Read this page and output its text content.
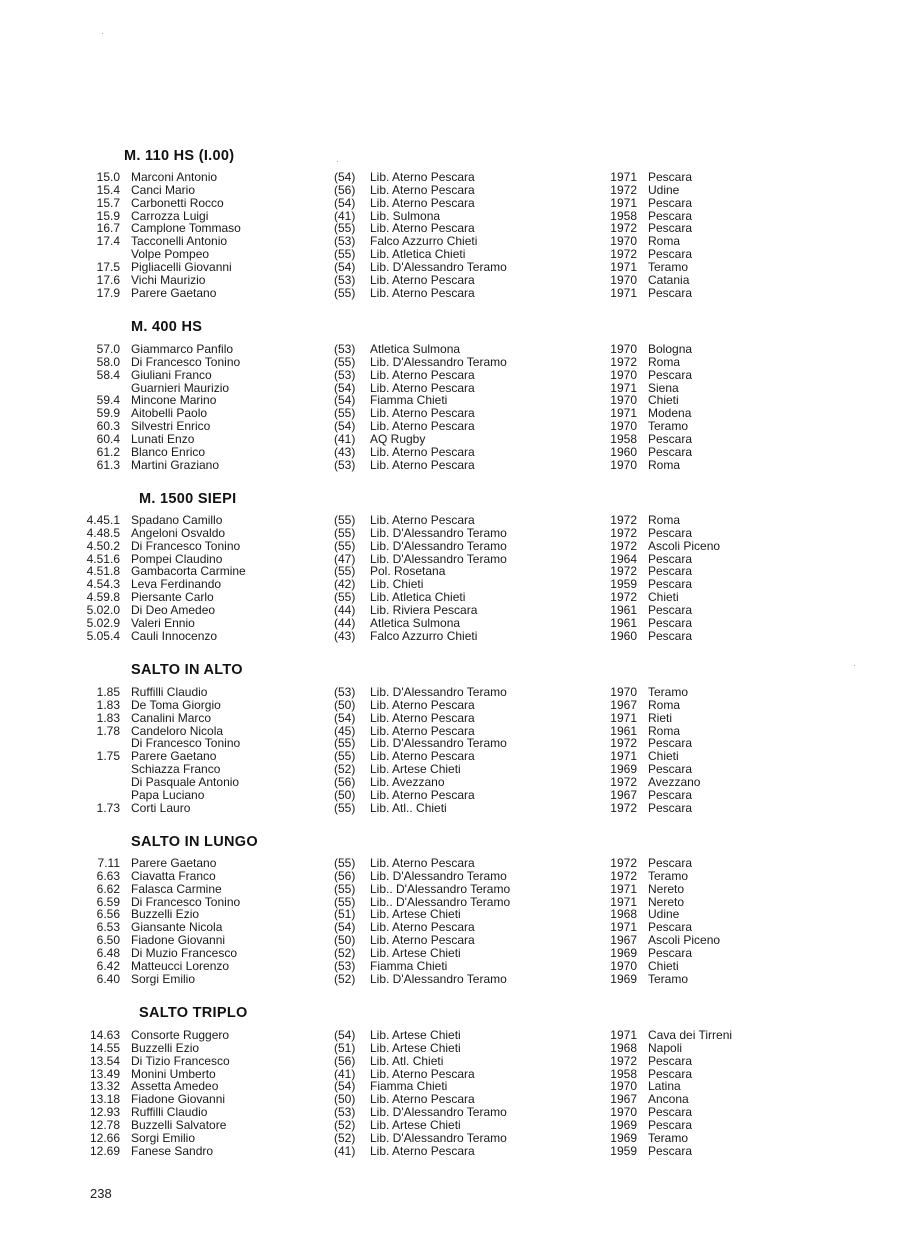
M. 110 HS (I.00)
15.0 Marconi Antonio	(54) Lib. Aterno Pescara	1971 Pescara
15.4 Canci Mario	(56) Lib. Aterno Pescara	1972 Udine
15.7 Carbonetti Rocco	(54) Lib. Aterno Pescara	1971 Pescara
15.9 Carrozza Luigi	(41) Lib. Sulmona	1958 Pescara
16.7 Camplone Tommaso	(55) Lib. Aterno Pescara	1972 Pescara
17.4 Tacconelli Antonio	(53) Falco Azzurro Chieti	1970 Roma
Volpe Pompeo	(55) Lib. Atletica Chieti	1972 Pescara
17.5 Pigliacelli Giovanni	(54) Lib. D'Alessandro Teramo	1971 Teramo
17.6 Vichi Maurizio	(53) Lib. Aterno Pescara	1970 Catania
17.9 Parere Gaetano	(55) Lib. Aterno Pescara	1971 Pescara
M. 400 HS
57.0 Giammarco Panfilo	(53) Atletica Sulmona	1970 Bologna
58.0 Di Francesco Tonino	(55) Lib. D'Alessandro Teramo	1972 Roma
58.4 Giuliani Franco	(53) Lib. Aterno Pescara	1970 Pescara
Guarnieri Maurizio	(54) Lib. Aterno Pescara	1971 Siena
59.4 Mincone Marino	(54) Fiamma Chieti	1970 Chieti
59.9 Aitobelli Paolo	(55) Lib. Aterno Pescara	1971 Modena
60.3 Silvestri Enrico	(54) Lib. Aterno Pescara	1970 Teramo
60.4 Lunati Enzo	(41) AQ Rugby	1958 Pescara
61.2 Blanco Enrico	(43) Lib. Aterno Pescara	1960 Pescara
61.3 Martini Graziano	(53) Lib. Aterno Pescara	1970 Roma
M. 1500 SIEPI
4.45.1 Spadano Camillo	(55) Lib. Aterno Pescara	1972 Roma
4.48.5 Angeloni Osvaldo	(55) Lib. D'Alessandro Teramo	1972 Pescara
4.50.2 Di Francesco Tonino	(55) Lib. D'Alessandro Teramo	1972 Ascoli Piceno
4.51.6 Pompei Claudino	(47) Lib. D'Alessandro Teramo	1964 Pescara
4.51.8 Gambacorta Carmine	(55) Pol. Rosetana	1972 Pescara
4.54.3 Leva Ferdinando	(42) Lib. Chieti	1959 Pescara
4.59.8 Piersante Carlo	(55) Lib. Atletica Chieti	1972 Chieti
5.02.0 Di Deo Amedeo	(44) Lib. Riviera Pescara	1961 Pescara
5.02.9 Valeri Ennio	(44) Atletica Sulmona	1961 Pescara
5.05.4 Cauli Innocenzo	(43) Falco Azzurro Chieti	1960 Pescara
SALTO IN ALTO
1.85 Ruffilli Claudio	(53) Lib. D'Alessandro Teramo	1970 Teramo
1.83 De Toma Giorgio	(50) Lib. Aterno Pescara	1967 Roma
1.83 Canalini Marco	(54) Lib. Aterno Pescara	1971 Rieti
1.78 Candeloro Nicola	(45) Lib. Aterno Pescara	1961 Roma
Di Francesco Tonino	(55) Lib. D'Alessandro Teramo	1972 Pescara
1.75 Parere Gaetano	(55) Lib. Aterno Pescara	1971 Chieti
Schiazza Franco	(52) Lib. Artese Chieti	1969 Pescara
Di Pasquale Antonio	(56) Lib. Avezzano	1972 Avezzano
Papa Luciano	(50) Lib. Aterno Pescara	1967 Pescara
1.73 Corti Lauro	(55) Lib. Atl.. Chieti	1972 Pescara
SALTO IN LUNGO
7.11 Parere Gaetano	(55) Lib. Aterno Pescara	1972 Pescara
6.63 Ciavatta Franco	(56) Lib. D'Alessandro Teramo	1972 Teramo
6.62 Falasca Carmine	(55) Lib.. D'Alessandro Teramo	1971 Nereto
6.59 Di Francesco Tonino	(55) Lib.. D'Alessandro Teramo	1971 Nereto
6.56 Buzzelli Ezio	(51) Lib. Artese Chieti	1968 Udine
6.53 Giansante Nicola	(54) Lib. Aterno Pescara	1971 Pescara
6.50 Fiadone Giovanni	(50) Lib. Aterno Pescara	1967 Ascoli Piceno
6.48 Di Muzio Francesco	(52) Lib. Artese Chieti	1969 Pescara
6.42 Matteucci Lorenzo	(53) Fiamma Chieti	1970 Chieti
6.40 Sorgi Emilio	(52) Lib. D'Alessandro Teramo	1969 Teramo
SALTO TRIPLO
14.63 Consorte Ruggero	(54) Lib. Artese Chieti	1971 Cava dei Tirreni
14.55 Buzzelli Ezio	(51) Lib. Artese Chieti	1968 Napoli
13.54 Di Tizio Francesco	(56) Lib. Atl. Chieti	1972 Pescara
13.49 Monini Umberto	(41) Lib. Aterno Pescara	1958 Pescara
13.32 Assetta Amedeo	(54) Fiamma Chieti	1970 Latina
13.18 Fiadone Giovanni	(50) Lib. Aterno Pescara	1967 Ancona
12.93 Ruffilli Claudio	(53) Lib. D'Alessandro Teramo	1970 Pescara
12.78 Buzzelli Salvatore	(52) Lib. Artese Chieti	1969 Pescara
12.66 Sorgi Emilio	(52) Lib. D'Alessandro Teramo	1969 Teramo
12.69 Fanese Sandro	(41) Lib. Aterno Pescara	1959 Pescara
·
·
·
238
